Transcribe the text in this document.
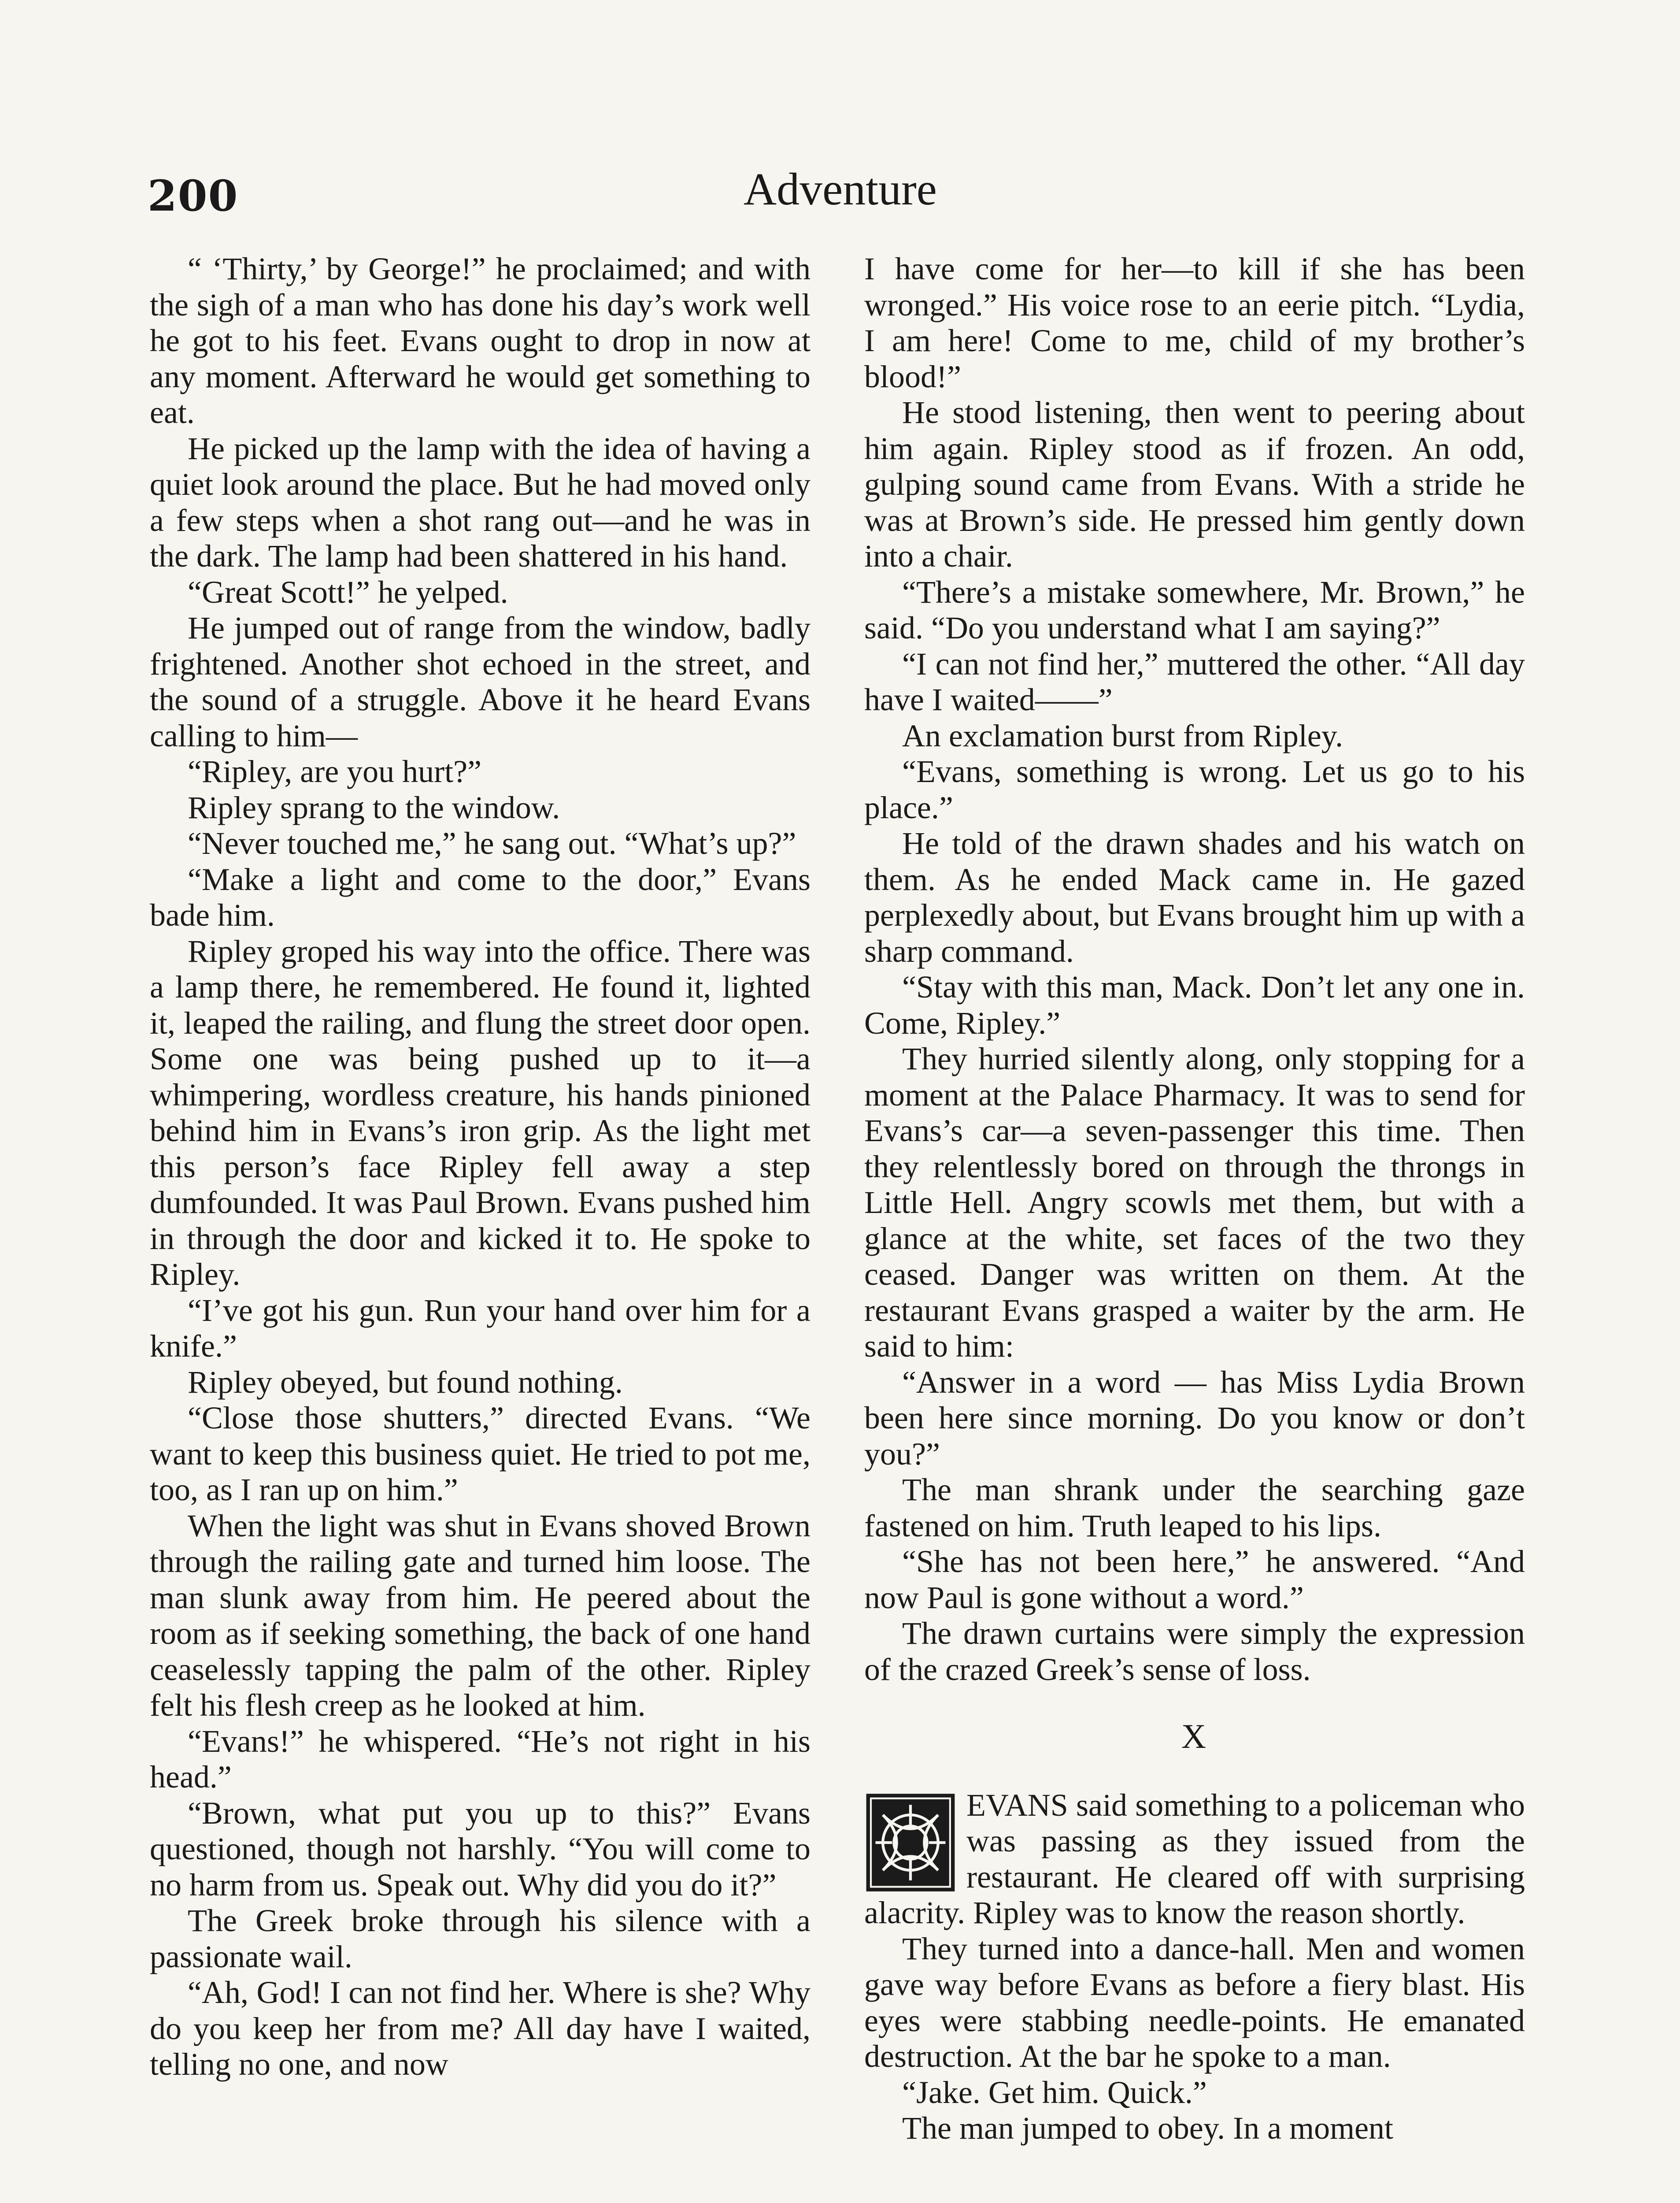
200	Adventure

“ ‘Thirty,’ by George!” he proclaimed; and with the sigh of a man who has done his day’s work well he got to his feet. Evans ought to drop in now at any moment. Afterward he would get something to eat.

He picked up the lamp with the idea of having a quiet look around the place. But he had moved only a few steps when a shot rang out—and he was in the dark. The lamp had been shattered in his hand.

“Great Scott!” he yelped.

He jumped out of range from the window, badly frightened. Another shot echoed in the street, and the sound of a struggle. Above it he heard Evans calling to him—

“Ripley, are you hurt?”

Ripley sprang to the window.

“Never touched me,” he sang out. “What’s up?”

“Make a light and come to the door,” Evans bade him.

Ripley groped his way into the office. There was a lamp there, he remembered. He found it, lighted it, leaped the railing, and flung the street door open. Some one was being pushed up to it—a whimpering, wordless creature, his hands pinioned behind him in Evans’s iron grip. As the light met this person’s face Ripley fell away a step dumfounded. It was Paul Brown. Evans pushed him in through the door and kicked it to. He spoke to Ripley.

“I’ve got his gun. Run your hand over him for a knife.”

Ripley obeyed, but found nothing.

“Close those shutters,” directed Evans. “We want to keep this business quiet. He tried to pot me, too, as I ran up on him.”

When the light was shut in Evans shoved Brown through the railing gate and turned him loose. The man slunk away from him. He peered about the room as if seeking something, the back of one hand ceaselessly tapping the palm of the other. Ripley felt his flesh creep as he looked at him.

“Evans!” he whispered. “He’s not right in his head.”

“Brown, what put you up to this?” Evans questioned, though not harshly. “You will come to no harm from us. Speak out. Why did you do it?”

The Greek broke through his silence with a passionate wail.

“Ah, God! I can not find her. Where is she? Why do you keep her from me? All day have I waited, telling no one, and now

I have come for her—to kill if she has been wronged.” His voice rose to an eerie pitch. “Lydia, I am here! Come to me, child of my brother’s blood!”

He stood listening, then went to peering about him again. Ripley stood as if frozen. An odd, gulping sound came from Evans. With a stride he was at Brown’s side. He pressed him gently down into a chair.

“There’s a mistake somewhere, Mr. Brown,” he said. “Do you understand what I am saying?”

“I can not find her,” muttered the other. “All day have I waited——”

An exclamation burst from Ripley.

“Evans, something is wrong. Let us go to his place.”

He told of the drawn shades and his watch on them. As he ended Mack came in. He gazed perplexedly about, but Evans brought him up with a sharp command.

“Stay with this man, Mack. Don’t let any one in. Come, Ripley.”

They hurried silently along, only stopping for a moment at the Palace Pharmacy. It was to send for Evans’s car—a seven-passenger this time. Then they relentlessly bored on through the throngs in Little Hell. Angry scowls met them, but with a glance at the white, set faces of the two they ceased. Danger was written on them. At the restaurant Evans grasped a waiter by the arm. He said to him:

“Answer in a word — has Miss Lydia Brown been here since morning. Do you know or don’t you?”

The man shrank under the searching gaze fastened on him. Truth leaped to his lips.

“She has not been here,” he answered. “And now Paul is gone without a word.”

The drawn curtains were simply the expression of the crazed Greek’s sense of loss.

X

EVANS said something to a policeman who was passing as they issued from the restaurant. He cleared off with surprising alacrity. Ripley was to know the reason shortly.

They turned into a dance-hall. Men and women gave way before Evans as before a fiery blast. His eyes were stabbing needle-points. He emanated destruction. At the bar he spoke to a man.

“Jake. Get him. Quick.”

The man jumped to obey. In a moment
